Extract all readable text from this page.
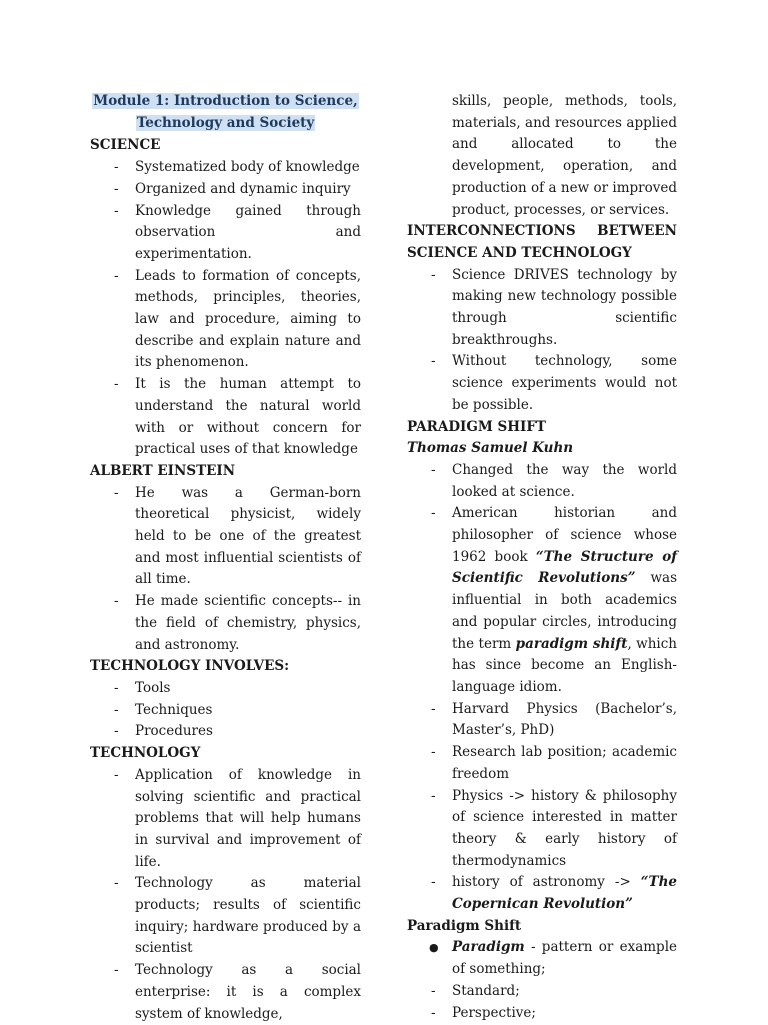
Module 1: Introduction to Science,
Technology and Society
SCIENCE
- Systematized body of knowledge
- Organized and dynamic inquiry
- Knowledge gained through observation and experimentation.
- Leads to formation of concepts, methods, principles, theories, law and procedure, aiming to describe and explain nature and its phenomenon.
- It is the human attempt to understand the natural world with or without concern for practical uses of that knowledge
ALBERT EINSTEIN
- He was a German-born theoretical physicist, widely held to be one of the greatest and most influential scientists of all time.
- He made scientific concepts-- in the field of chemistry, physics, and astronomy.
TECHNOLOGY INVOLVES:
- Tools
- Techniques
- Procedures
TECHNOLOGY
- Application of knowledge in solving scientific and practical problems that will help humans in survival and improvement of life.
- Technology as material products; results of scientific inquiry; hardware produced by a scientist
- Technology as a social enterprise: it is a complex system of knowledge,
skills, people, methods, tools, materials, and resources applied and allocated to the development, operation, and production of a new or improved product, processes, or services.
INTERCONNECTIONS BETWEEN
SCIENCE AND TECHNOLOGY
- Science DRIVES technology by making new technology possible through scientific breakthroughs.
- Without technology, some science experiments would not be possible.
PARADIGM SHIFT
Thomas Samuel Kuhn
- Changed the way the world looked at science.
- American historian and philosopher of science whose 1962 book “The Structure of Scientific Revolutions” was influential in both academics and popular circles, introducing the term paradigm shift, which has since become an English-language idiom.
- Harvard Physics (Bachelor’s, Master’s, PhD)
- Research lab position; academic freedom
- Physics -> history & philosophy of science interested in matter theory & early history of thermodynamics
- history of astronomy -> “The Copernican Revolution”
Paradigm Shift
● Paradigm - pattern or example of something;
- Standard;
- Perspective;
